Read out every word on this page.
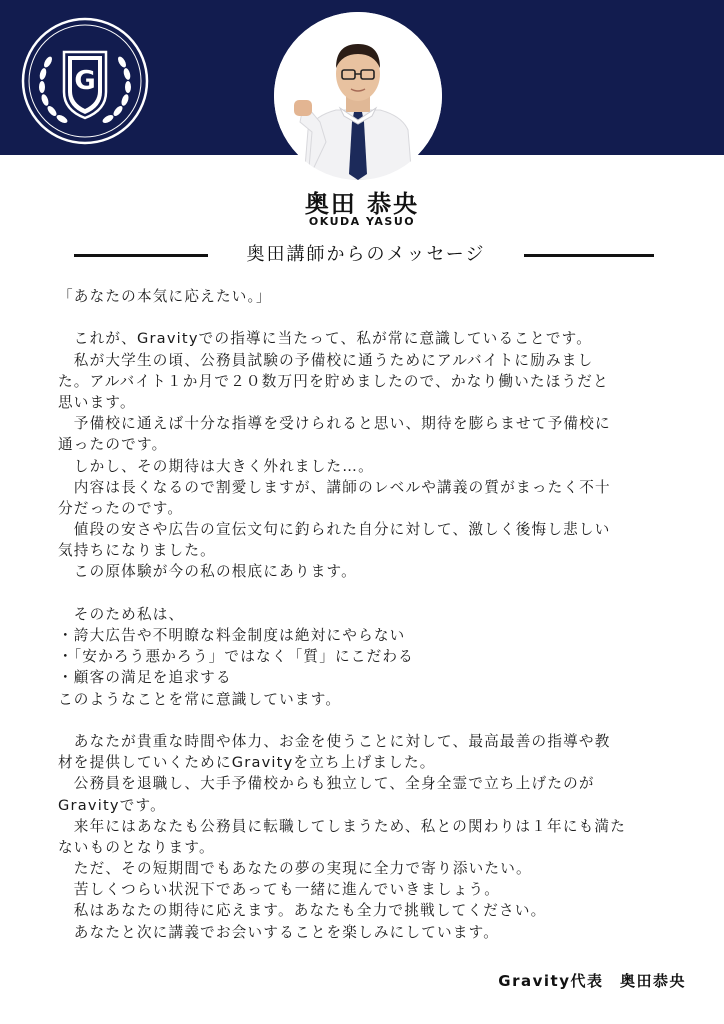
G
奥田 恭央
OKUDA YASUO
奥田講師からのメッセージ
「あなたの本気に応えたい。」
　これが、Gravityでの指導に当たって、私が常に意識していることです。
　私が大学生の頃、公務員試験の予備校に通うためにアルバイトに励みまし
た。アルバイト１か月で２０数万円を貯めましたので、かなり働いたほうだと
思います。
　予備校に通えば十分な指導を受けられると思い、期待を膨らませて予備校に
通ったのです。
　しかし、その期待は大きく外れました…。
　内容は長くなるので割愛しますが、講師のレベルや講義の質がまったく不十
分だったのです。
　値段の安さや広告の宣伝文句に釣られた自分に対して、激しく後悔し悲しい
気持ちになりました。
　この原体験が今の私の根底にあります。
　そのため私は、
・誇大広告や不明瞭な料金制度は絶対にやらない
・「安かろう悪かろう」ではなく「質」にこだわる
・顧客の満足を追求する
このようなことを常に意識しています。
　あなたが貴重な時間や体力、お金を使うことに対して、最高最善の指導や教
材を提供していくためにGravityを立ち上げました。
　公務員を退職し、大手予備校からも独立して、全身全霊で立ち上げたのが
Gravityです。
　来年にはあなたも公務員に転職してしまうため、私との関わりは１年にも満た
ないものとなります。
　ただ、その短期間でもあなたの夢の実現に全力で寄り添いたい。
　苦しくつらい状況下であっても一緒に進んでいきましょう。
　私はあなたの期待に応えます。あなたも全力で挑戦してください。
　あなたと次に講義でお会いすることを楽しみにしています。
Gravity代表　奥田恭央
